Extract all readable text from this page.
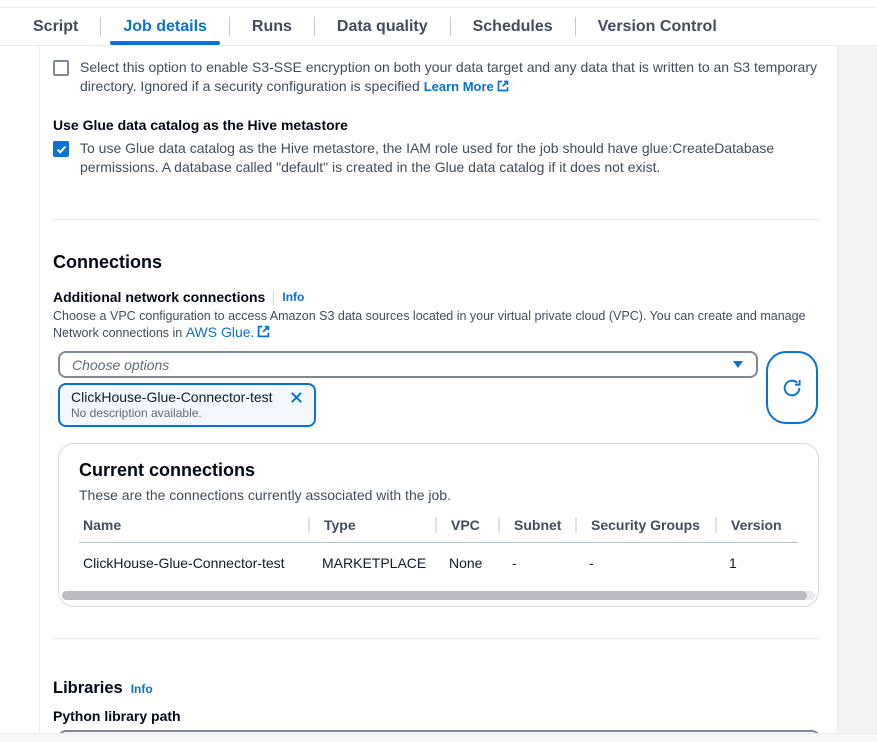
Script	Job details	Runs	Data quality	Schedules	Version Control
Select this option to enable S3-SSE encryption on both your data target and any data that is written to an S3 temporary directory. Ignored if a security configuration is specified Learn More
Use Glue data catalog as the Hive metastore
To use Glue data catalog as the Hive metastore, the IAM role used for the job should have glue:CreateDatabase permissions. A database called "default" is created in the Glue data catalog if it does not exist.
Connections
Additional network connections Info
Choose a VPC configuration to access Amazon S3 data sources located in your virtual private cloud (VPC). You can create and manage Network connections in AWS Glue.
Choose options
ClickHouse-Glue-Connector-test
No description available.
Current connections
These are the connections currently associated with the job.
Name	Type	VPC	Subnet	Security Groups	Version
ClickHouse-Glue-Connector-test	MARKETPLACE	None	-	-	1
Libraries Info
Python library path
